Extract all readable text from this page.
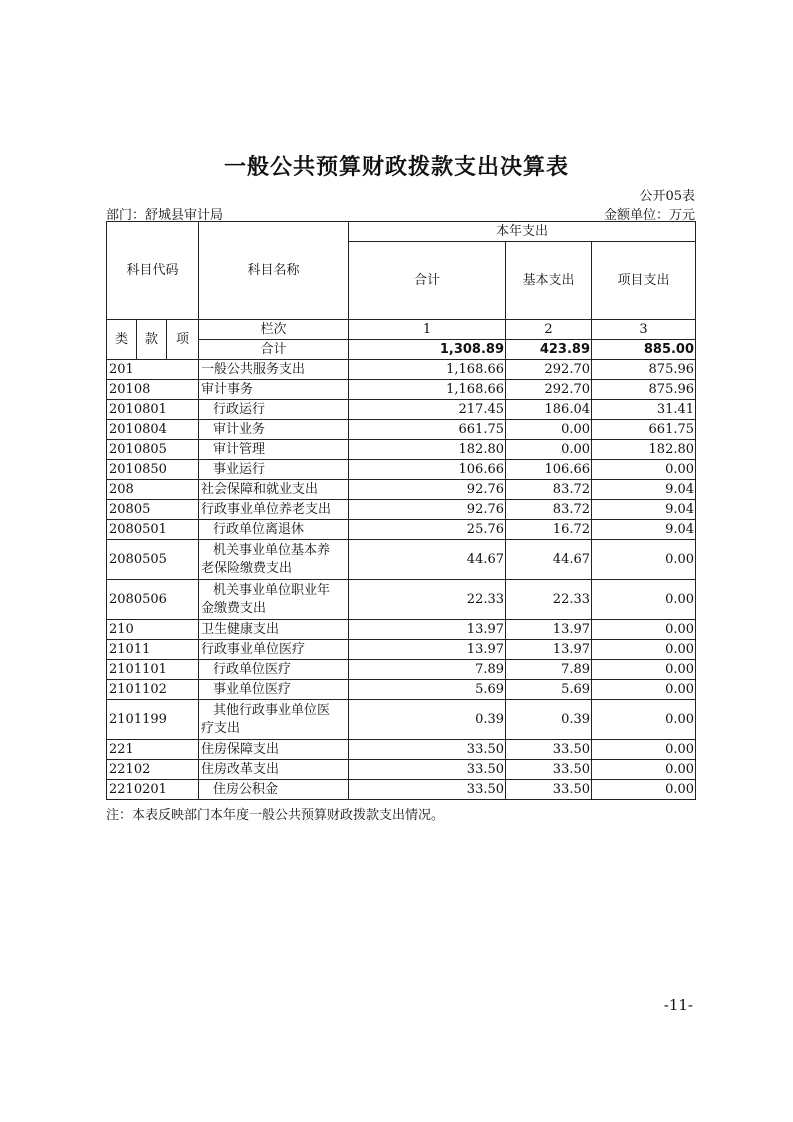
一般公共预算财政拨款支出决算表
公开05表
部门：舒城县审计局	金额单位：万元
科目代码			科目名称	本年支出		
				合计	基本支出	项目支出
类	款	项	栏次	1	2	3
			合计	1,308.89	423.89	885.00
201			一般公共服务支出	1,168.66	292.70	875.96
20108			审计事务	1,168.66	292.70	875.96
2010801			行政运行	217.45	186.04	31.41
2010804			审计业务	661.75	0.00	661.75
2010805			审计管理	182.80	0.00	182.80
2010850			事业运行	106.66	106.66	0.00
208			社会保障和就业支出	92.76	83.72	9.04
20805			行政事业单位养老支出	92.76	83.72	9.04
2080501			行政单位离退休	25.76	16.72	9.04
2080505			机关事业单位基本养
老保险缴费支出	44.67	44.67	0.00
2080506			机关事业单位职业年
金缴费支出	22.33	22.33	0.00
210			卫生健康支出	13.97	13.97	0.00
21011			行政事业单位医疗	13.97	13.97	0.00
2101101			行政单位医疗	7.89	7.89	0.00
2101102			事业单位医疗	5.69	5.69	0.00
2101199			其他行政事业单位医
疗支出	0.39	0.39	0.00
221			住房保障支出	33.50	33.50	0.00
22102			住房改革支出	33.50	33.50	0.00
2210201			住房公积金	33.50	33.50	0.00
注：本表反映部门本年度一般公共预算财政拨款支出情况。
-11-
